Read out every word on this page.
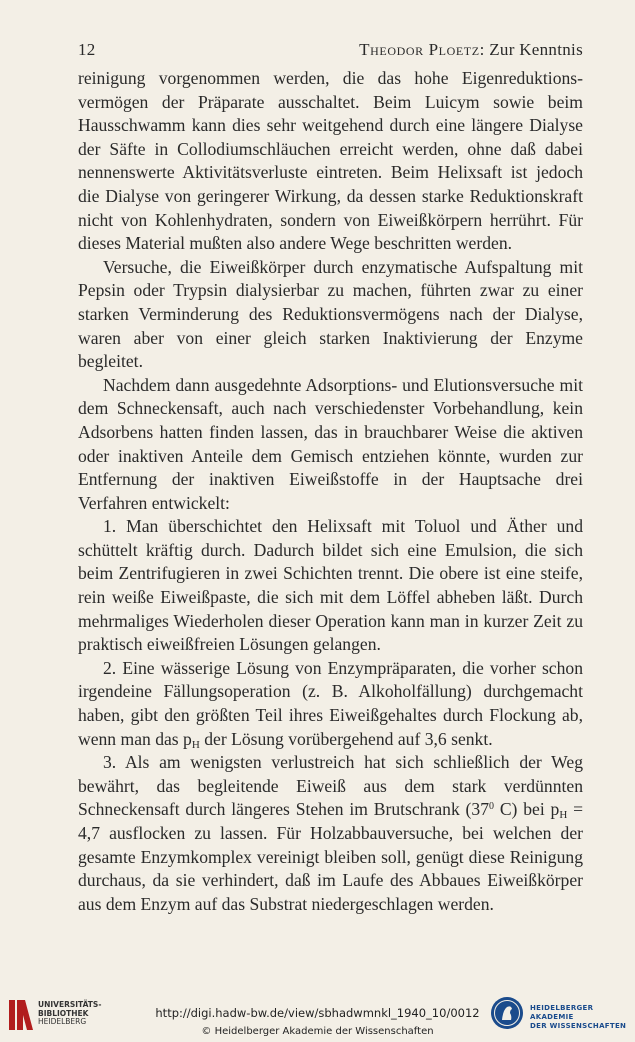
12	Theodor Ploetz: Zur Kenntnis

reinigung vorgenommen werden, die das hohe Eigenreduktions-vermögen der Präparate ausschaltet. Beim Luicym sowie beim Hausschwamm kann dies sehr weitgehend durch eine längere Dialyse der Säfte in Collodiumschläuchen erreicht werden, ohne daß dabei nennenswerte Aktivitätsverluste eintreten. Beim Helixsaft ist jedoch die Dialyse von geringerer Wirkung, da dessen starke Reduktionskraft nicht von Kohlenhydraten, sondern von Eiweißkörpern herrührt. Für dieses Material mußten also andere Wege beschritten werden.

Versuche, die Eiweißkörper durch enzymatische Aufspaltung mit Pepsin oder Trypsin dialysierbar zu machen, führten zwar zu einer starken Verminderung des Reduktionsvermögens nach der Dialyse, waren aber von einer gleich starken Inaktivierung der Enzyme begleitet.

Nachdem dann ausgedehnte Adsorptions- und Elutionsversuche mit dem Schneckensaft, auch nach verschiedenster Vorbehandlung, kein Adsorbens hatten finden lassen, das in brauchbarer Weise die aktiven oder inaktiven Anteile dem Gemisch entziehen könnte, wurden zur Entfernung der inaktiven Eiweißstoffe in der Hauptsache drei Verfahren entwickelt:

1. Man überschichtet den Helixsaft mit Toluol und Äther und schüttelt kräftig durch. Dadurch bildet sich eine Emulsion, die sich beim Zentrifugieren in zwei Schichten trennt. Die obere ist eine steife, rein weiße Eiweißpaste, die sich mit dem Löffel abheben läßt. Durch mehrmaliges Wiederholen dieser Operation kann man in kurzer Zeit zu praktisch eiweißfreien Lösungen gelangen.

2. Eine wässerige Lösung von Enzympräparaten, die vorher schon irgendeine Fällungsoperation (z. B. Alkoholfällung) durchgemacht haben, gibt den größten Teil ihres Eiweißgehaltes durch Flockung ab, wenn man das $p_H$ der Lösung vorübergehend auf 3,6 senkt.

3. Als am wenigsten verlustreich hat sich schließlich der Weg bewährt, das begleitende Eiweiß aus dem stark verdünnten Schneckensaft durch längeres Stehen im Brutschrank ($37^0$ C) bei $p_H = 4,7$ ausflocken zu lassen. Für Holzabbauversuche, bei welchen der gesamte Enzymkomplex vereinigt bleiben soll, genügt diese Reinigung durchaus, da sie verhindert, daß im Laufe des Abbaues Eiweißkörper aus dem Enzym auf das Substrat niedergeschlagen werden.

UNIVERSITÄTS-
BIBLIOTHEK
HEIDELBERG
http://digi.hadw-bw.de/view/sbhadwmnkl_1940_10/0012
© Heidelberger Akademie der Wissenschaften
HEIDELBERGER AKADEMIE
DER WISSENSCHAFTEN
